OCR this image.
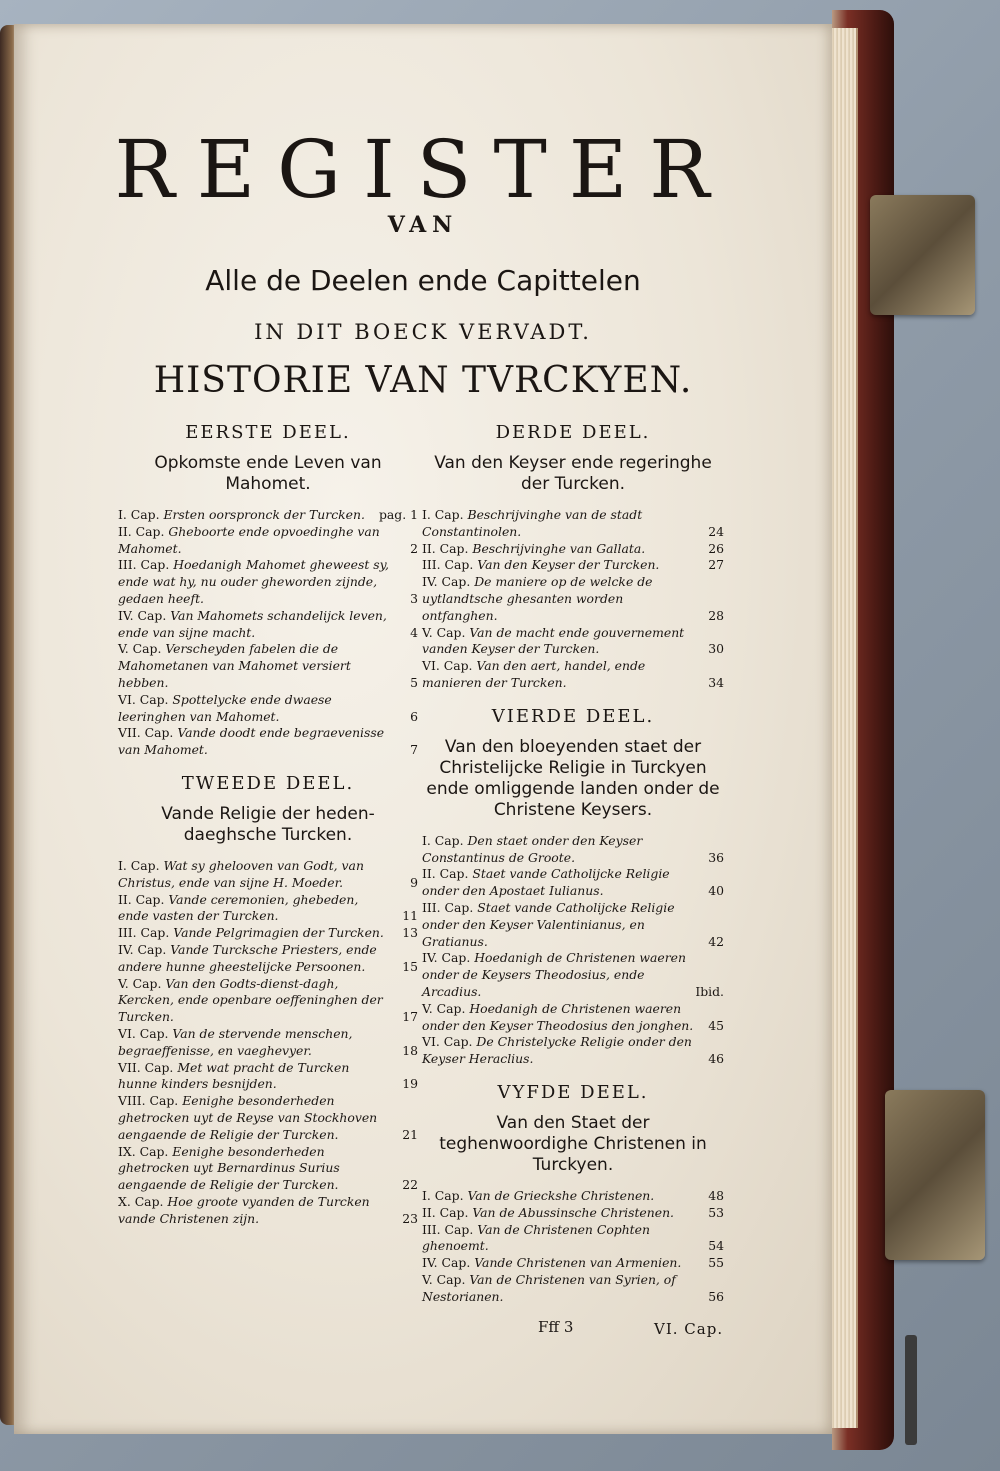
REGISTER
VAN
Alle de Deelen ende Capittelen
IN DIT BOECK VERVADT.
HISTORIE VAN TVRCKYEN.
EERSTE DEEL.
Opkomste ende Leven van Mahomet.
I. Cap. Ersten oorspronck der Turcken.	pag. 1
II. Cap. Gheboorte ende opvoedinghe van Mahomet.	2
III. Cap. Hoedanigh Mahomet gheweest sy, ende wat hy, nu ouder gheworden zijnde, gedaen heeft.	3
IV. Cap. Van Mahomets schandelijck leven, ende van sijne macht.	4
V. Cap. Verscheyden fabelen die de Mahometanen van Mahomet versiert hebben.	5
VI. Cap. Spottelycke ende dwaese leeringhen van Mahomet.	6
VII. Cap. Vande doodt ende begraevenisse van Mahomet.	7
TWEEDE DEEL.
Vande Religie der heden-daeghsche Turcken.
I. Cap. Wat sy ghelooven van Godt, van Christus, ende van sijne H. Moeder.	9
II. Cap. Vande ceremonien, ghebeden, ende vasten der Turcken.	11
III. Cap. Vande Pelgrimagien der Turcken.	13
IV. Cap. Vande Turcksche Priesters, ende andere hunne gheestelijcke Persoonen.	15
V. Cap. Van den Godts-dienst-dagh, Kercken, ende openbare oeffeninghen der Turcken.	17
VI. Cap. Van de stervende menschen, begraeffenisse, en vaeghevyer.	18
VII. Cap. Met wat pracht de Turcken hunne kinders besnijden.	19
VIII. Cap. Eenighe besonderheden ghetrocken uyt de Reyse van Stockhoven aengaende de Religie der Turcken.	21
IX. Cap. Eenighe besonderheden ghetrocken uyt Bernardinus Surius aengaende de Religie der Turcken.	22
X. Cap. Hoe grootе vyanden de Turcken vande Christenen zijn.	23
DERDE DEEL.
Van den Keyser ende regeringhe der Turcken.
I. Cap. Beschrijvinghe van de stadt Constantinolen.	24
II. Cap. Beschrijvinghe van Gallata.	26
III. Cap. Van den Keyser der Turcken.	27
IV. Cap. De maniere op de welcke de uytlandtsche ghesanten worden ontfanghen.	28
V. Cap. Van de macht ende gouvernement vanden Keyser der Turcken.	30
VI. Cap. Van den aert, handel, ende manieren der Turcken.	34
VIERDE DEEL.
Van den bloeyenden staet der Christelijcke Religie in Turckyen ende omliggende landen onder de Christene Keysers.
I. Cap. Den staet onder den Keyser Constantinus de Groote.	36
II. Cap. Staet vande Catholijcke Religie onder den Apostaet Iulianus.	40
III. Cap. Staet vande Catholijcke Religie onder den Keyser Valentinianus, en Gratianus.	42
IV. Cap. Hoedanigh de Christenen waeren onder de Keysers Theodosius, ende Arcadius.	Ibid.
V. Cap. Hoedanigh de Christenen waeren onder den Keyser Theodosius den jonghen.	45
VI. Cap. De Christelycke Religie onder den Keyser Heraclius.	46
VYFDE DEEL.
Van den Staet der teghenwoordighe Christenen in Turckyen.
I. Cap. Van de Grieckshe Christenen.	48
II. Cap. Van de Abussinsche Christenen.	53
III. Cap. Van de Christenen Cophten ghenoemt.	54
IV. Cap. Vande Christenen van Armenien.	55
V. Cap. Van de Christenen van Syrien, of Nestorianen.	56
Fff 3	VI. Cap.
